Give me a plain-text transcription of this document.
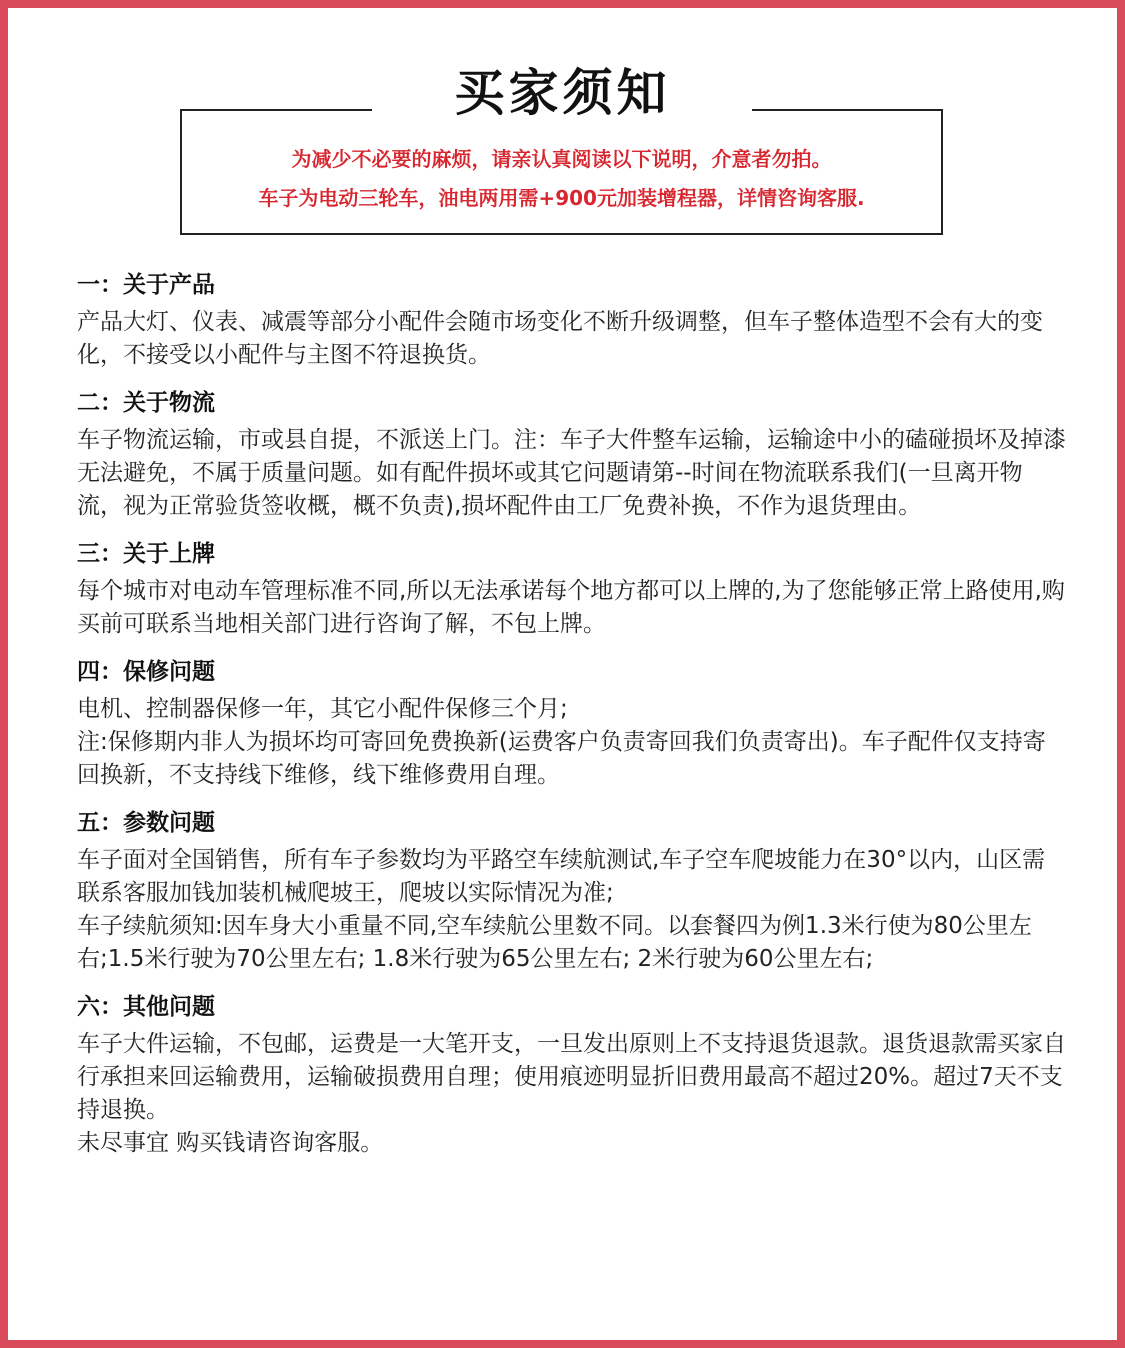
买家须知
为减少不必要的麻烦，请亲认真阅读以下说明，介意者勿拍。
车子为电动三轮车，油电两用需+900元加装增程器，详情咨询客服.
一：关于产品
产品大灯、仪表、减震等部分小配件会随市场变化不断升级调整，但车子整体造型不会有大的变化，不接受以小配件与主图不符退换货。
二：关于物流
车子物流运输，市或县自提，不派送上门。注：车子大件整车运输，运输途中小的磕碰损坏及掉漆无法避免，不属于质量问题。如有配件损坏或其它问题请第--时间在物流联系我们(一旦离开物流，视为正常验货签收概，概不负责),损坏配件由工厂免费补换，不作为退货理由。
三：关于上牌
每个城市对电动车管理标准不同,所以无法承诺每个地方都可以上牌的,为了您能够正常上路使用,购买前可联系当地相关部门进行咨询了解，不包上牌。
四：保修问题
电机、控制器保修一年，其它小配件保修三个月;
注:保修期内非人为损坏均可寄回免费换新(运费客户负责寄回我们负责寄出)。车子配件仅支持寄回换新，不支持线下维修，线下维修费用自理。
五：参数问题
车子面对全国销售，所有车子参数均为平路空车续航测试,车子空车爬坡能力在30°以内，山区需联系客服加钱加装机械爬坡王，爬坡以实际情况为准;
车子续航须知:因车身大小重量不同,空车续航公里数不同。以套餐四为例1.3米行使为80公里左右;1.5米行驶为70公里左右; 1.8米行驶为65公里左右; 2米行驶为60公里左右;
六：其他问题
车子大件运输，不包邮，运费是一大笔开支，一旦发出原则上不支持退货退款。退货退款需买家自行承担来回运输费用，运输破损费用自理；使用痕迹明显折旧费用最高不超过20%。超过7天不支持退换。
未尽事宜 购买钱请咨询客服。
